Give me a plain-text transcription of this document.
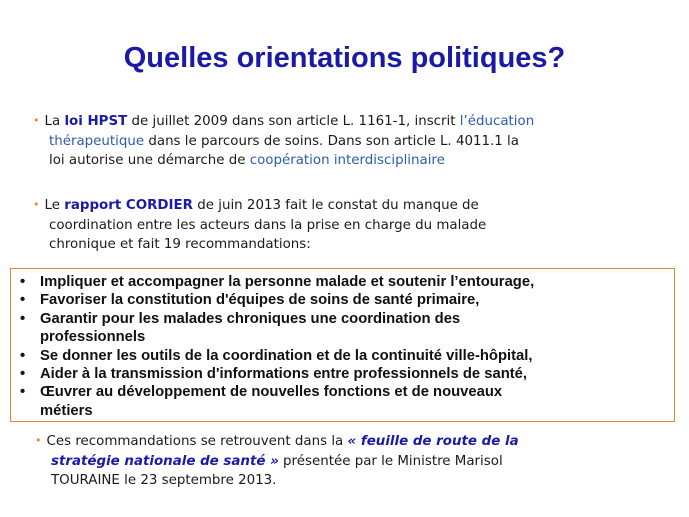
Quelles orientations politiques?
• La loi HPST de juillet 2009 dans son article L. 1161-1, inscrit l’éducation
thérapeutique dans le parcours de soins. Dans son article L. 4011.1 la
loi autorise une démarche de coopération interdisciplinaire
• Le rapport CORDIER de juin 2013 fait le constat du manque de
coordination entre les acteurs dans la prise en charge du malade
chronique et fait 19 recommandations:
• Impliquer et accompagner la personne malade et soutenir l’entourage,
• Favoriser la constitution d'équipes de soins de santé primaire,
• Garantir pour les malades chroniques une coordination des
professionnels
• Se donner les outils de la coordination et de la continuité ville-hôpital,
• Aider à la transmission d'informations entre professionnels de santé,
• Œuvrer au développement de nouvelles fonctions et de nouveaux
métiers
• Ces recommandations se retrouvent dans la « feuille de route de la
stratégie nationale de santé » présentée par le Ministre Marisol
TOURAINE le 23 septembre 2013.
